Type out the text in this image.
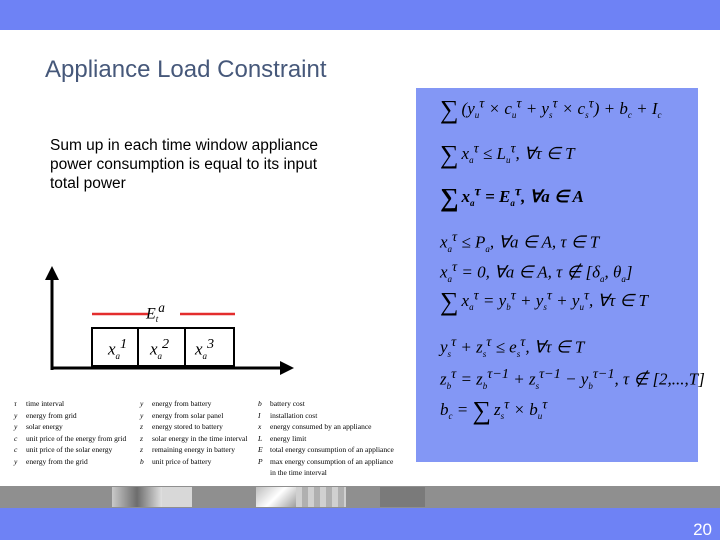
Appliance Load Constraint
Sum up in each time window appliance power consumption is equal to its input total power
∑ $(y_u^\tau \times c_u^\tau + y_s^\tau \times c_s^\tau) + b_c + I_c$
∑ $x_a^\tau \le L_u^\tau$, ∀τ ∈ T
∑ $x_a^\tau = E_a^\tau$, ∀a ∈ A
$x_a^\tau \le P_a$, ∀a ∈ A, τ ∈ T
$x_a^\tau = 0$, ∀a ∈ A, τ ∉ [$\delta_a$, $\theta_a$]
∑ $x_a^\tau = y_b^\tau + y_s^\tau + y_u^\tau$, ∀τ ∈ T
$y_s^\tau + z_s^\tau \le e_s^\tau$, ∀τ ∈ T
$z_b^\tau = z_b^{\tau-1} + z_s^{\tau-1} - y_b^{\tau-1}$, τ ∉ [2,...,T]
$b_c$ = ∑ $z_s^\tau \times b_u^\tau$
$E_t^a$
$x_a^1$ $x_a^2$ $x_a^3$
τ time interval
y energy from grid
y solar energy
c unit price of the energy from grid
c unit price of the solar energy
y energy from the grid
y energy from battery
y energy from solar panel
z energy stored to battery
z solar energy in the time interval
z remaining energy in battery
b unit price of battery
b battery cost
I installation cost
x energy consumed by an appliance
L energy limit
E total energy consumption of an appliance
P max energy consumption of an appliance
in the time interval
20
